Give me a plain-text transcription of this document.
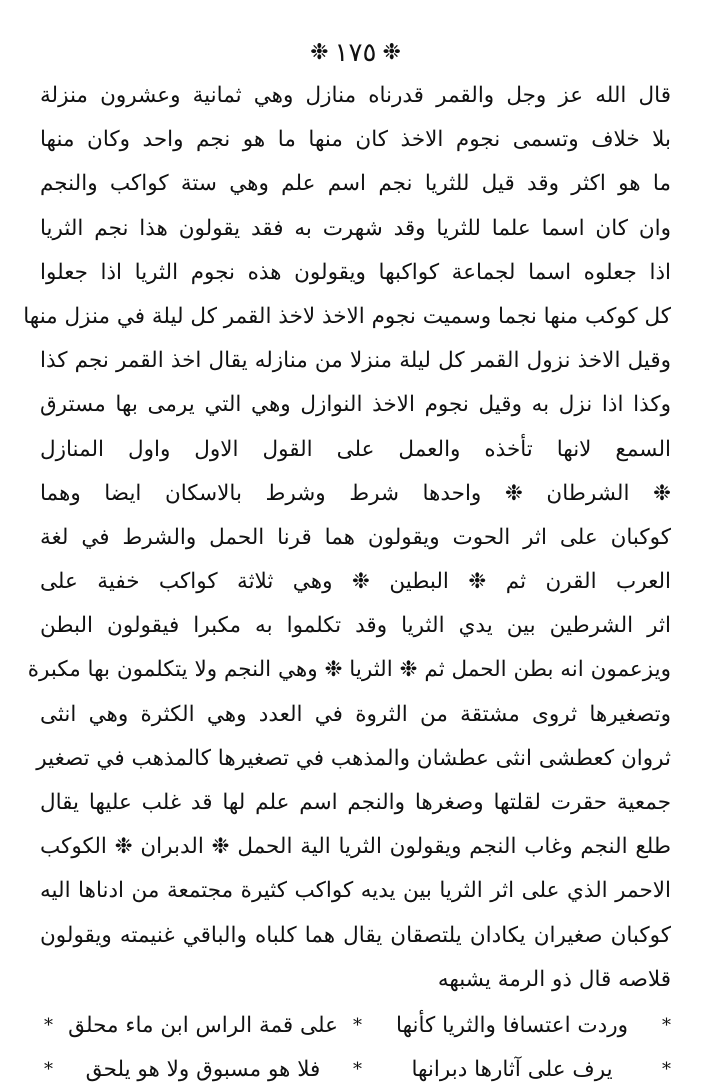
❉
١٧٥
❉
قال الله عز وجل والقمر قدرناه منازل وهي ثمانية وعشرون منزلة
بلا خلاف وتسمى نجوم الاخذ كان منها ما هو نجم واحد وكان منها
ما هو اكثر وقد قيل للثريا نجم اسم علم وهي ستة كواكب والنجم
وان كان اسما علما للثريا وقد شهرت به فقد يقولون هذا نجم الثريا
اذا جعلوه اسما لجماعة كواكبها ويقولون هذه نجوم الثريا اذا جعلوا
كل كوكب منها نجما وسميت نجوم الاخذ لاخذ القمر كل ليلة في منزل منها
وقيل الاخذ نزول القمر كل ليلة منزلا من منازله يقال اخذ القمر نجم كذا
وكذا اذا نزل به وقيل نجوم الاخذ النوازل وهي التي يرمى بها مسترق
السمع لانها تأخذه والعمل على القول الاول واول المنازل
❉ الشرطان ❉ واحدها شرط وشرط بالاسكان ايضا وهما
كوكبان على اثر الحوت ويقولون هما قرنا الحمل والشرط في لغة
العرب القرن ثم ❉ البطين ❉ وهي ثلاثة كواكب خفية على
اثر الشرطين بين يدي الثريا وقد تكلموا به مكبرا فيقولون البطن
ويزعمون انه بطن الحمل ثم ❉ الثريا ❉ وهي النجم ولا يتكلمون بها مكبرة
وتصغيرها ثروى مشتقة من الثروة في العدد وهي الكثرة وهي انثى
ثروان كعطشى انثى عطشان والمذهب في تصغيرها كالمذهب في تصغير
جمعية حقرت لقلتها وصغرها والنجم اسم علم لها قد غلب عليها يقال
طلع النجم وغاب النجم ويقولون الثريا الية الحمل ❉ الدبران ❉ الكوكب
الاحمر الذي على اثر الثريا بين يديه كواكب كثيرة مجتمعة من ادناها اليه
كوكبان صغيران يكادان يلتصقان يقال هما كلباه والباقي غنيمته ويقولون
قلاصه قال ذو الرمة يشبهه
*
وردت اعتسافا والثريا كأنها
*
على قمة الراس ابن ماء محلق
*
*
يرف على آثارها دبرانها
*
فلا هو مسبوق ولا هو يلحق
*
